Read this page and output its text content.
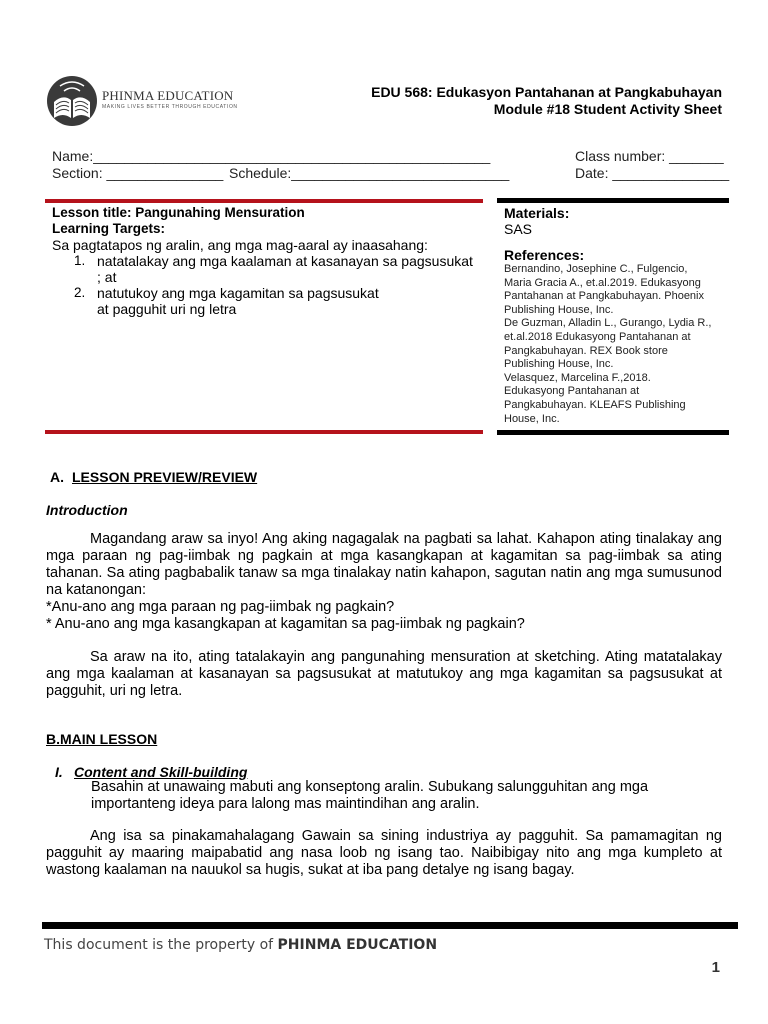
PHINMA EDUCATION
MAKING LIVES BETTER THROUGH EDUCATION
EDU 568: Edukasyon Pantahanan at Pangkabuhayan
Module #18 Student Activity Sheet
Name:___________________________________________________
Section: _______________ Schedule:____________________________
Class number: _______
Date: _______________
Lesson title: Pangunahing Mensuration
Learning Targets:
Sa pagtatapos ng aralin, ang mga mag-aaral ay inaasahang:
1. natatalakay ang mga kaalaman at kasanayan sa pagsusukat
; at
2. natutukoy ang mga kagamitan sa pagsusukat
at pagguhit uri ng letra
Materials:
SAS
References:
Bernandino, Josephine C., Fulgencio,
Maria Gracia A., et.al.2019. Edukasyong
Pantahanan at Pangkabuhayan. Phoenix
Publishing House, Inc.
De Guzman, Alladin L., Gurango, Lydia R.,
et.al.2018 Edukasyong Pantahanan at
Pangkabuhayan. REX Book store
Publishing House, Inc.
Velasquez, Marcelina F.,2018.
Edukasyong Pantahanan at
Pangkabuhayan. KLEAFS Publishing
House, Inc.
A. LESSON PREVIEW/REVIEW
Introduction
Magandang araw sa inyo! Ang aking nagagalak na pagbati sa lahat. Kahapon ating tinalakay ang mga paraan ng pag-iimbak ng pagkain at mga kasangkapan at kagamitan sa pag-iimbak sa ating tahanan. Sa ating pagbabalik tanaw sa mga tinalakay natin kahapon, sagutan natin ang mga sumusunod na katanongan:
*Anu-ano ang mga paraan ng pag-iimbak ng pagkain?
* Anu-ano ang mga kasangkapan at kagamitan sa pag-iimbak ng pagkain?
Sa araw na ito, ating tatalakayin ang pangunahing mensuration at sketching. Ating matatalakay ang mga kaalaman at kasanayan sa pagsusukat at matutukoy ang mga kagamitan sa pagsusukat at pagguhit, uri ng letra.
B.MAIN LESSON
I. Content and Skill-building
Basahin at unawaing mabuti ang konseptong aralin. Subukang salungguhitan ang mga importanteng ideya para lalong mas maintindihan ang aralin.
Ang isa sa pinakamahalagang Gawain sa sining industriya ay pagguhit. Sa pamamagitan ng pagguhit ay maaring maipabatid ang nasa loob ng isang tao. Naibibigay nito ang mga kumpleto at wastong kaalaman na nauukol sa hugis, sukat at iba pang detalye ng isang bagay.
This document is the property of PHINMA EDUCATION
1
